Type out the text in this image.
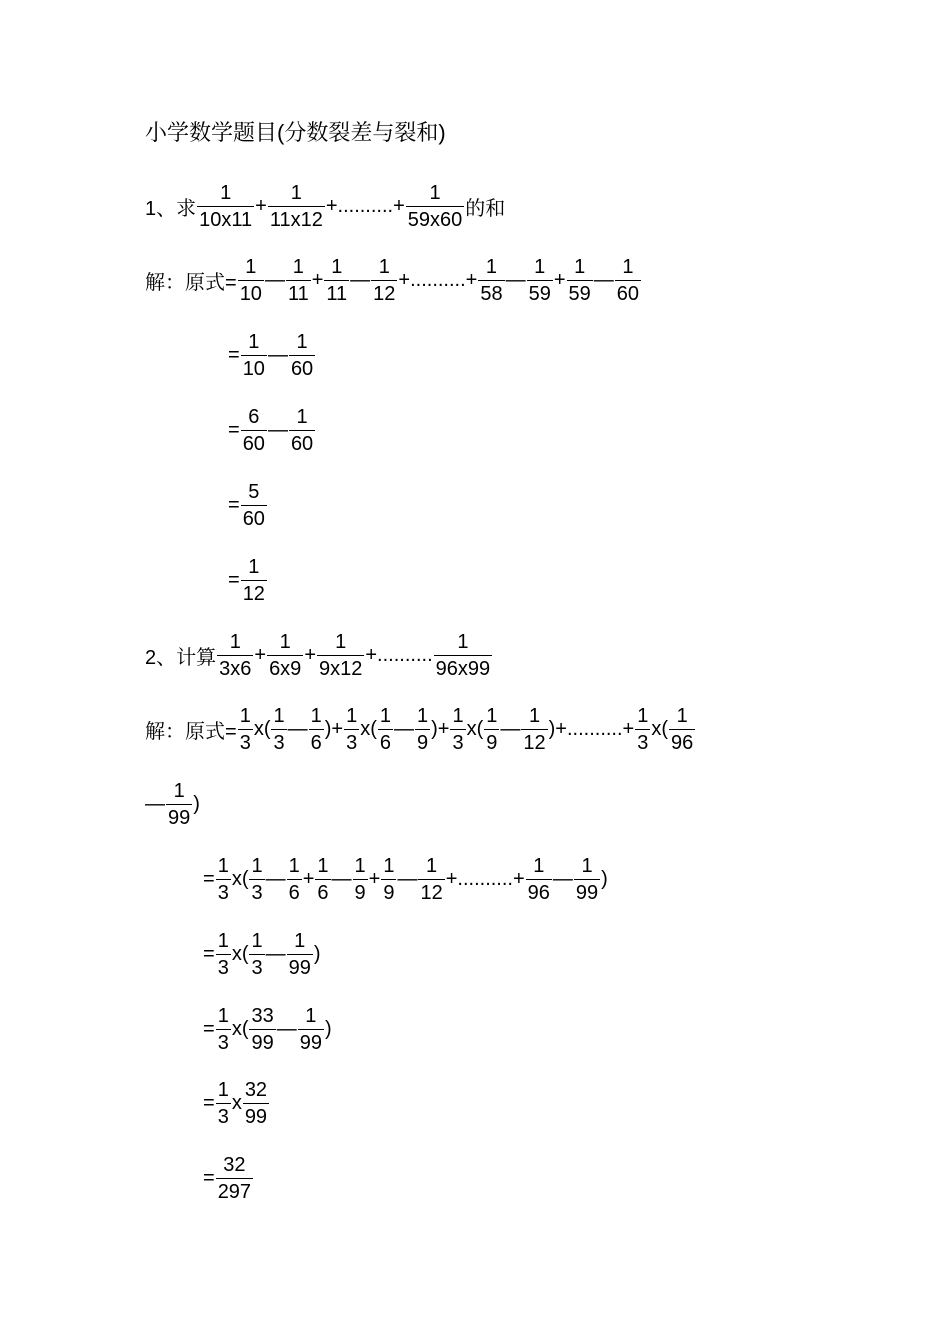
小学数学题目(分数裂差与裂和)
1、求 $\frac{1}{10x11} + \frac{1}{11x12}$ +..........+ $\frac{1}{59x60}$ 的和
解：原式= $\frac{1}{10}$ — $\frac{1}{11} + \frac{1}{11}$ — $\frac{1}{12}$ +..........+ $\frac{1}{58}$ — $\frac{1}{59} + \frac{1}{59}$ — $\frac{1}{60}$
= $\frac{1}{10}$ — $\frac{1}{60}$
= $\frac{6}{60}$ — $\frac{1}{60}$
= $\frac{5}{60}$
= $\frac{1}{12}$
2、计算 $\frac{1}{3x6} + \frac{1}{6x9} + \frac{1}{9x12}$ +.......... $\frac{1}{96x99}$
解：原式= $\frac{1}{3} x( \frac{1}{3}$ — $\frac{1}{6}$ )+ $\frac{1}{3} x( \frac{1}{6}$ — $\frac{1}{9}$ )+ $\frac{1}{3} x( \frac{1}{9}$ — $\frac{1}{12}$ )+..........+ $\frac{1}{3} x( \frac{1}{96}$
— $\frac{1}{99}$ )
= $\frac{1}{3} x( \frac{1}{3}$ — $\frac{1}{6} + \frac{1}{6}$ — $\frac{1}{9} + \frac{1}{9}$ — $\frac{1}{12}$ +..........+ $\frac{1}{96}$ — $\frac{1}{99}$ )
= $\frac{1}{3} x( \frac{1}{3}$ — $\frac{1}{99}$ )
= $\frac{1}{3} x( \frac{33}{99}$ — $\frac{1}{99}$ )
= $\frac{1}{3}$ x $\frac{32}{99}$
= $\frac{32}{297}$
